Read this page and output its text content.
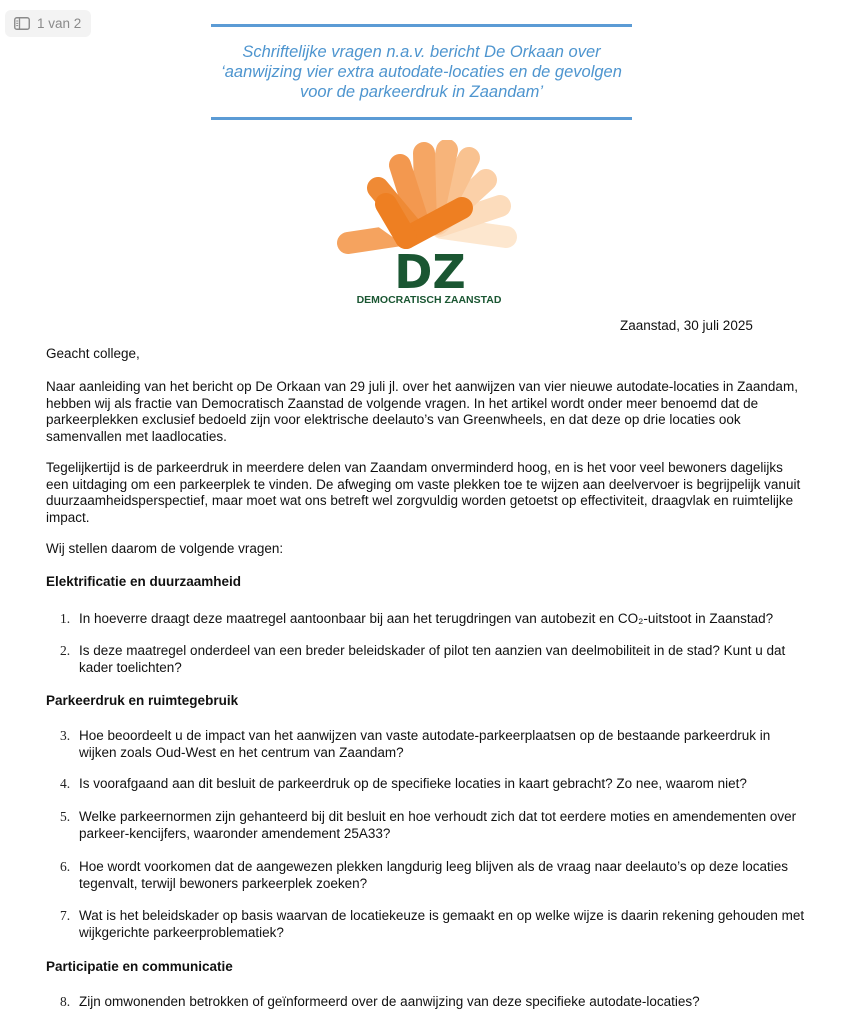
1 van 2
Schriftelijke vragen n.a.v. bericht De Orkaan over
‘aanwijzing vier extra autodate-locaties en de gevolgen
voor de parkeerdruk in Zaandam’
DZ
DEMOCRATISCH ZAANSTAD
Zaanstad, 30 juli 2025

Geacht college,

Naar aanleiding van het bericht op De Orkaan van 29 juli jl. over het aanwijzen van vier nieuwe autodate-locaties in Zaandam, hebben wij als fractie van Democratisch Zaanstad de volgende vragen. In het artikel wordt onder meer benoemd dat de parkeerplekken exclusief bedoeld zijn voor elektrische deelauto’s van Greenwheels, en dat deze op drie locaties ook samenvallen met laadlocaties.

Tegelijkertijd is de parkeerdruk in meerdere delen van Zaandam onverminderd hoog, en is het voor veel bewoners dagelijks een uitdaging om een parkeerplek te vinden. De afweging om vaste plekken toe te wijzen aan deelvervoer is begrijpelijk vanuit duurzaamheidsperspectief, maar moet wat ons betreft wel zorgvuldig worden getoetst op effectiviteit, draagvlak en ruimtelijke impact.

Wij stellen daarom de volgende vragen:

Elektrificatie en duurzaamheid

1. In hoeverre draagt deze maatregel aantoonbaar bij aan het terugdringen van autobezit en CO₂-uitstoot in Zaanstad?
2. Is deze maatregel onderdeel van een breder beleidskader of pilot ten aanzien van deelmobiliteit in de stad? Kunt u dat kader toelichten?

Parkeerdruk en ruimtegebruik

3. Hoe beoordeelt u de impact van het aanwijzen van vaste autodate-parkeerplaatsen op de bestaande parkeerdruk in wijken zoals Oud-West en het centrum van Zaandam?
4. Is voorafgaand aan dit besluit de parkeerdruk op de specifieke locaties in kaart gebracht? Zo nee, waarom niet?
5. Welke parkeernormen zijn gehanteerd bij dit besluit en hoe verhoudt zich dat tot eerdere moties en amendementen over parkeer-kencijfers, waaronder amendement 25A33?
6. Hoe wordt voorkomen dat de aangewezen plekken langdurig leeg blijven als de vraag naar deelauto’s op deze locaties tegenvalt, terwijl bewoners parkeerplek zoeken?
7. Wat is het beleidskader op basis waarvan de locatiekeuze is gemaakt en op welke wijze is daarin rekening gehouden met wijkgerichte parkeerproblematiek?

Participatie en communicatie

8. Zijn omwonenden betrokken of geïnformeerd over de aanwijzing van deze specifieke autodate-locaties?
